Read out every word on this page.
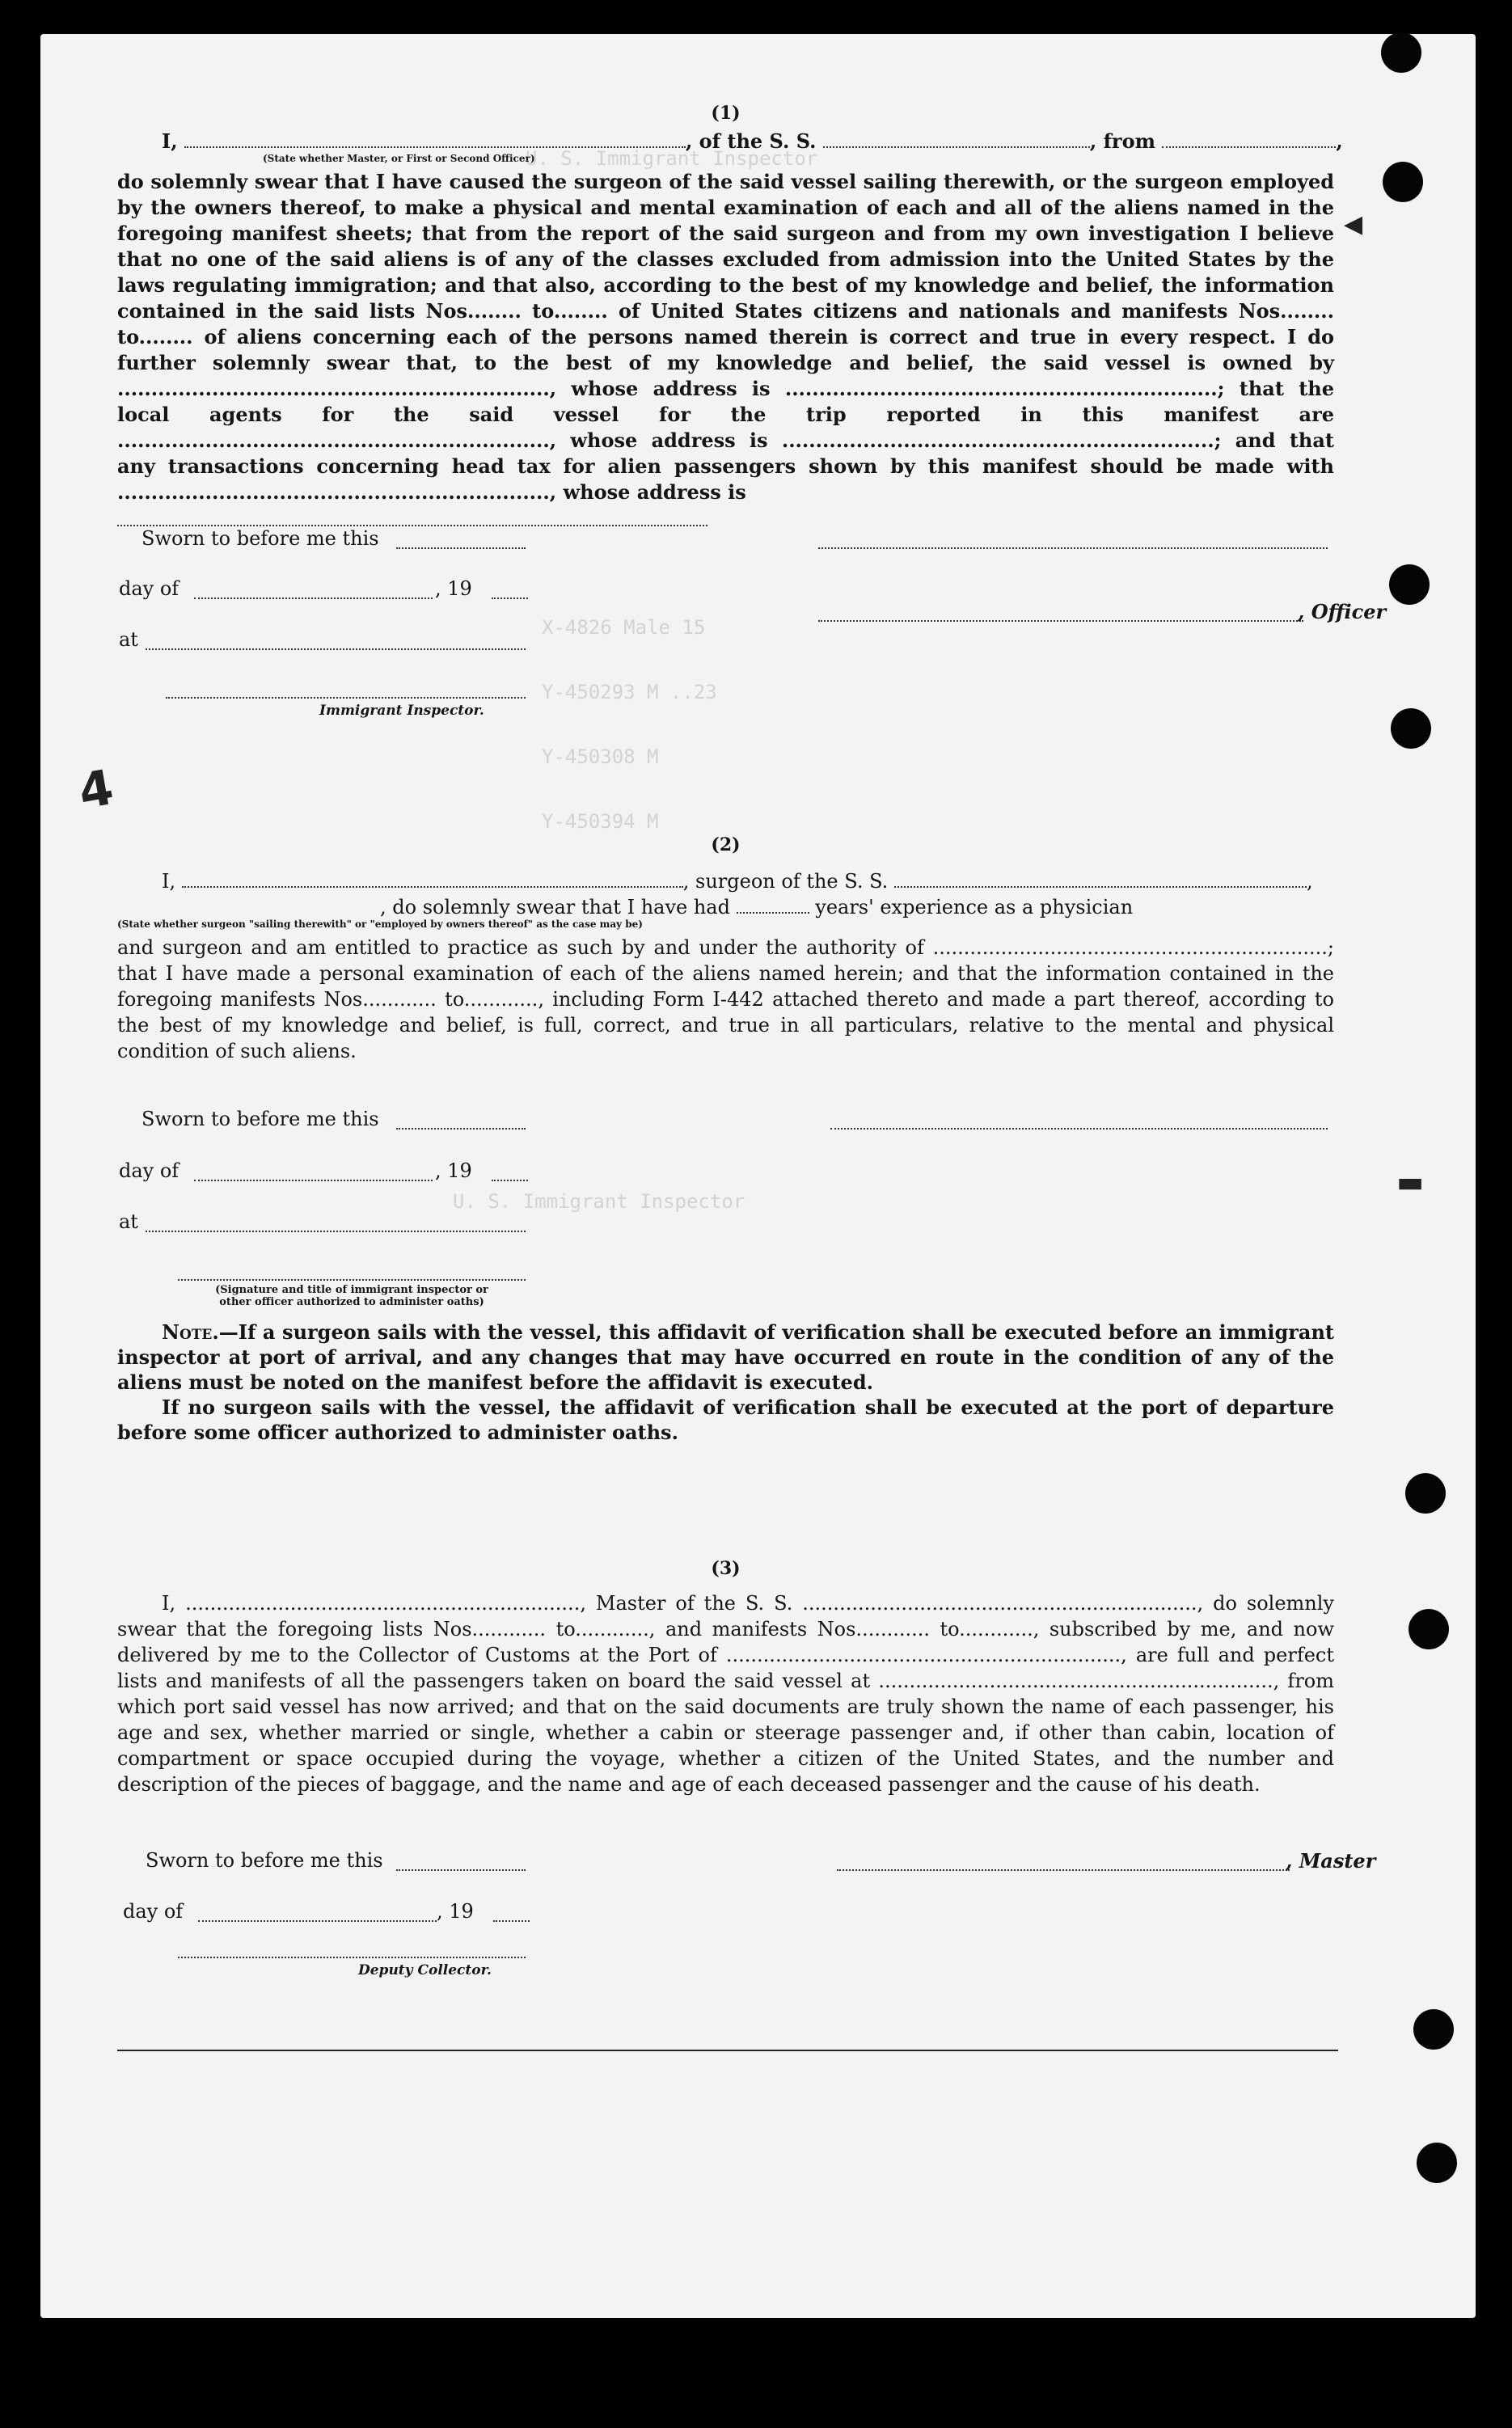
U. S. Immigrant Inspector
X-4826 Male 15
Y-450293 M ..23
Y-450308 M
Y-450394 M
U. S. Immigrant Inspector
(1)
I,	, of the S. S.	, from	,
(State whether Master, or First or Second Officer)
do solemnly swear that I have caused the surgeon of the said vessel sailing therewith, or the surgeon employed by the owners thereof, to make a physical and mental examination of each and all of the aliens named in the foregoing manifest sheets; that from the report of the said surgeon and from my own investigation I believe that no one of the said aliens is of any of the classes excluded from admission into the United States by the laws regulating immigration; and that also, according to the best of my knowledge and belief, the information contained in the said lists Nos........ to........ of United States citizens and nationals and manifests Nos........ to........ of aliens concerning each of the persons named therein is correct and true in every respect. I do further solemnly swear that, to the best of my knowledge and belief, the said vessel is owned by ................................................................, whose address is ................................................................; that the local agents for the said vessel for the trip reported in this manifest are ................................................................, whose address is ................................................................; and that any transactions concerning head tax for alien passengers shown by this manifest should be made with ................................................................, whose address is
Sworn to before me this
day of	, 19
, Officer
at
Immigrant Inspector.
(2)
I,	, surgeon of the S. S.	,
, do solemnly swear that I have had	years' experience as a physician
(State whether surgeon "sailing therewith" or "employed by owners thereof" as the case may be)
and surgeon and am entitled to practice as such by and under the authority of ................................................................; that I have made a personal examination of each of the aliens named herein; and that the information contained in the foregoing manifests Nos............ to............, including Form I-442 attached thereto and made a part thereof, according to the best of my knowledge and belief, is full, correct, and true in all particulars, relative to the mental and physical condition of such aliens.
Sworn to before me this
day of	, 19
at
(Signature and title of immigrant inspector or
other officer authorized to administer oaths)
Note.—If a surgeon sails with the vessel, this affidavit of verification shall be executed before an immigrant inspector at port of arrival, and any changes that may have occurred en route in the condition of any of the aliens must be noted on the manifest before the affidavit is executed.
If no surgeon sails with the vessel, the affidavit of verification shall be executed at the port of departure before some officer authorized to administer oaths.
(3)
I, ................................................................, Master of the S. S. ................................................................, do solemnly swear that the foregoing lists Nos............ to............, and manifests Nos............ to............, subscribed by me, and now delivered by me to the Collector of Customs at the Port of ................................................................, are full and perfect lists and manifests of all the passengers taken on board the said vessel at ................................................................, from which port said vessel has now arrived; and that on the said documents are truly shown the name of each passenger, his age and sex, whether married or single, whether a cabin or steerage passenger and, if other than cabin, location of compartment or space occupied during the voyage, whether a citizen of the United States, and the number and description of the pieces of baggage, and the name and age of each deceased passenger and the cause of his death.
Sworn to before me this	, Master
day of	, 19
Deputy Collector.
4
▬
◀
